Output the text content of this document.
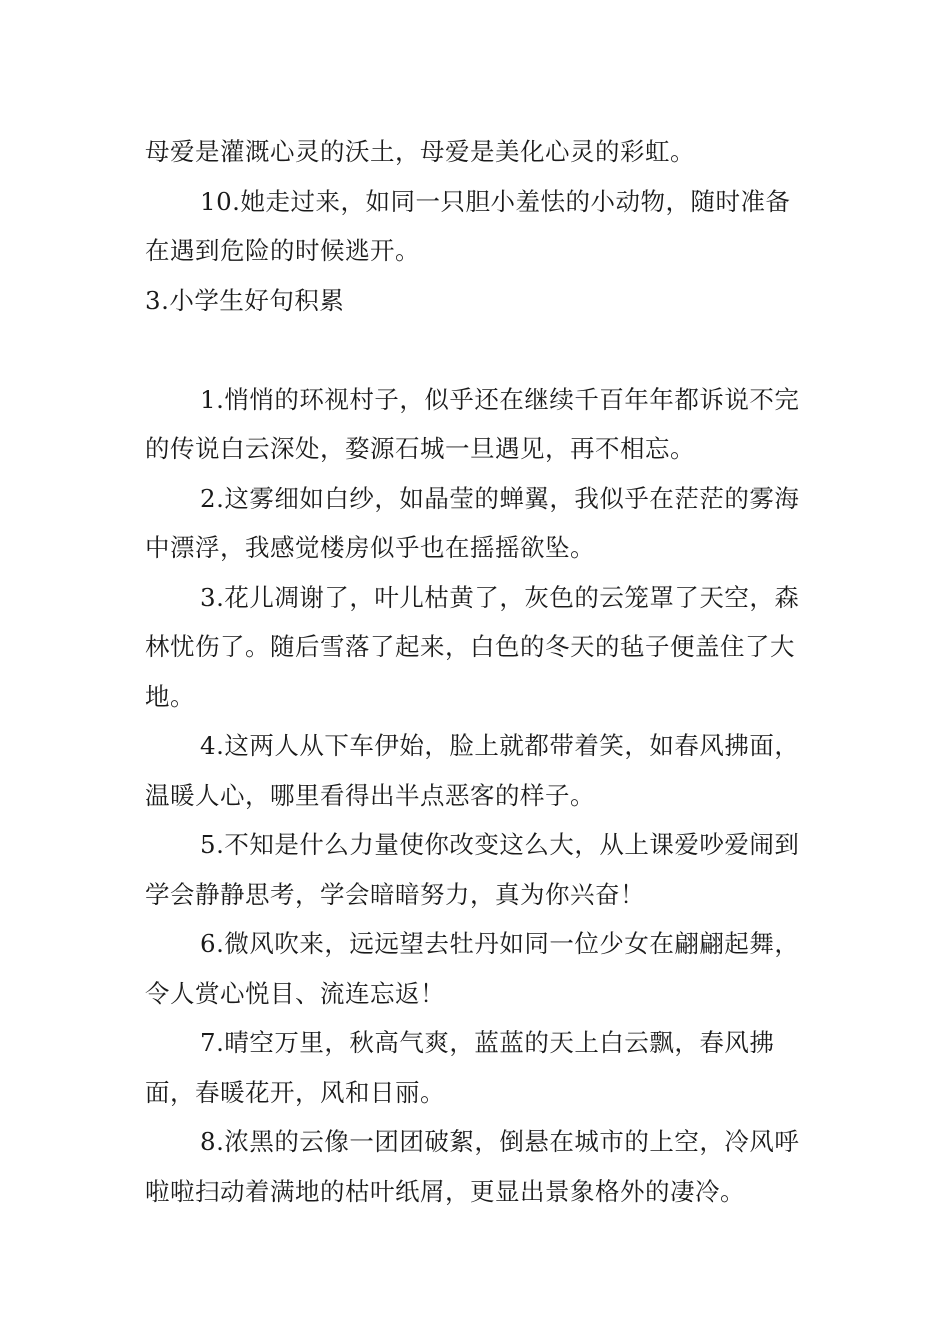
母爱是灌溉心灵的沃土，母爱是美化心灵的彩虹。

10.她走过来，如同一只胆小羞怯的小动物，随时准备在遇到危险的时候逃开。

3.小学生好句积累

1.悄悄的环视村子，似乎还在继续千百年年都诉说不完的传说白云深处，婺源石城一旦遇见，再不相忘。

2.这雾细如白纱，如晶莹的蝉翼，我似乎在茫茫的雾海中漂浮，我感觉楼房似乎也在摇摇欲坠。

3.花儿凋谢了，叶儿枯黄了，灰色的云笼罩了天空，森林忧伤了。随后雪落了起来，白色的冬天的毡子便盖住了大地。

4.这两人从下车伊始，脸上就都带着笑，如春风拂面，温暖人心，哪里看得出半点恶客的样子。

5.不知是什么力量使你改变这么大，从上课爱吵爱闹到学会静静思考，学会暗暗努力，真为你兴奋！

6.微风吹来，远远望去牡丹如同一位少女在翩翩起舞，令人赏心悦目、流连忘返！

7.晴空万里，秋高气爽，蓝蓝的天上白云飘，春风拂面，春暖花开，风和日丽。

8.浓黑的云像一团团破絮，倒悬在城市的上空，冷风呼啦啦扫动着满地的枯叶纸屑，更显出景象格外的凄冷。
